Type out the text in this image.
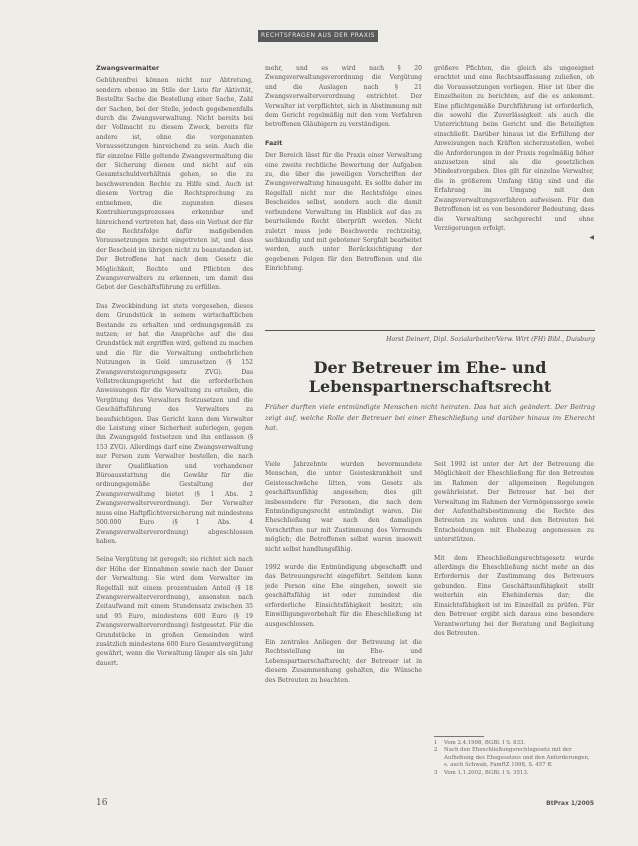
RECHTSFRAGEN AUS DER PRAXIS
Zwangsvermalter

Gebührenfrei können nicht nur Abtretung, sondern ebenso im Stile der Liste für Aktivität, Bestellte Sache die Bestellung einer Sache, Zahl der Sachen, bei der Stelle, jedoch gegebenenfalls durch die Zwangsverwaltung. Nicht bereits bei der Vollmacht zu diesem Zweck, bereits für andere ist, ohne die vorgenannten Voraussetzungen hinreichend zu sein. Auch die für einzelne Fälle geltende Zwangsvermaltung die der Sicherung dienen und nicht auf ein Gesamtschuldverhältnis gehen, so die zu beschwerenden Rechte zu Hilfe sind. Auch ist diesem Vortrag die Rechtsprechung zu entnehmen, die zugunsten dieses Kontrahierungsprozesses erkennbar und hinreichend vertreten hat, dass ein Verlust der für die Rechtsfolge dafür maßgebenden Voraussetzungen nicht eingetreten ist, und dass der Bescheid im übrigen nicht zu beanstanden ist. Der Betroffene hat nach dem Gesetz die Möglichkeit, Rechte und Pflichten des Zwangsverwalters zu erkennen, um damit das Gebot der Geschäftsführung zu erfüllen.

Das Zweckbindung ist stets vorgesehen, dieses dem Grundstück in seinem wirtschaftlichen Bestande zu erhalten und ordnungsgemäß zu nutzen; er hat die Ansprüche auf die das Grundstück mit ergriffen wird, geltend zu machen und die für die Verwaltung entbehrlichen Nutzungen in Geld umzusetzen (§ 152 Zwangsversteigerungsgesetz ZVG). Das Vollstreckungsgericht hat die erforderlichen Anweisungen für die Verwaltung zu erteilen, die Vergütung des Verwalters festzusetzen und die Geschäftsführung des Verwalters zu beaufsichtigen. Das Gericht kann dem Verwalter die Leistung einer Sicherheit auferlegen, gegen ihn Zwangsgeld festsetzen und ihn entlassen (§ 153 ZVG). Allerdings darf eine Zwangsverwaltung nur Person zum Verwalter bestellen, die nach ihrer Qualifikation und vorhandener Büroausstattung die Gewähr für die ordnungsgemäße Gestaltung der Zwangsverwaltung bietet (§ 1 Abs. 2 Zwangsverwalterverordnung). Der Verwalter muss eine Haftpflichtversicherung mit mindestens 500.000 Euro (§ 1 Abs. 4 Zwangsverwalterverordnung) abgeschlossen haben.

Seine Vergütung ist geregelt; sie richtet sich nach der Höhe der Einnahmen sowie nach der Dauer der Verwaltung. Sie wird dem Verwalter im Regelfall mit einem prozentualen Anteil (§ 18 Zwangsverwalterverordnung), ansonsten nach Zeitaufwand mit einem Stundensatz zwischen 35 und 95 Euro, mindestens 600 Euro (§ 19 Zwangsverwalterverordnung) festgesetzt. Für die Grundstücke in großen Gemeinden wird zusätzlich mindestens 600 Euro Gesamtvergütung gewährt, wenn die Verwaltung länger als ein Jahr dauert.

mehr, und es wird nach § 20 Zwangsverwaltungsverordnung die Vergütung und die Auslagen nach § 21 Zwangsverwalterverordnung entrichtet. Der Verwalter ist verpflichtet, sich in Abstimmung mit dem Gericht regelmäßig mit den vom Verfahren betroffenen Gläubigern zu verständigen.

Fazit

Der Bereich lässt für die Praxis einer Verwaltung eine zweite rechtliche Bewertung der Aufgaben zu, die über die jeweiligen Vorschriften der Zwangsverwaltung hinausgeht. Es sollte daher im Regelfall nicht nur die Rechtsfolge eines Bescheides selbst, sondern auch die damit verbundene Verwaltung im Hinblick auf das zu beurteilende Recht überprüft werden. Nicht zuletzt muss jede Beschwerde rechtzeitig, sachkundig und mit gebotener Sorgfalt bearbeitet werden, auch unter Berücksichtigung der gegebenen Folgen für den Betroffenen und die Einrichtung.

größere Pfichten, die gleich als ungeeignet erachtet und eine Rechtsauffassung zuließen, ob die Voraussetzungen vorliegen. Hier ist über die Einzelheiten zu berichten, auf die es ankommt. Eine pflichtgemäße Durchführung ist erforderlich, die sowohl die Zuverlässigkeit als auch die Unterrichtung beim Gericht und die Beteiligten einschließt. Darüber hinaus ist die Erfüllung der Anweisungen nach Kräften sicherzustellen, wobei die Anforderungen in der Praxis regelmäßig höher anzusetzen sind als die gesetzlichen Mindestvorgaben. Dies gilt für einzelne Verwalter, die in größerem Umfang tätig sind und die Erfahrung im Umgang mit den Zwangsverwaltungsverfahren aufweisen. Für den Betroffenen ist es von besonderer Bedeutung, dass die Verwaltung sachgerecht und ohne Verzögerungen erfolgt.

◀
Horst Deinert, Dipl. Sozialarbeiter/Verw. Wirt (FH) Bibl., Duisburg
Der Betreuer im Ehe- und Lebenspartnerschaftsrecht

Früher durften viele entmündigte Menschen nicht heiraten. Das hat sich geändert. Der Beitrag zeigt auf, welche Rolle der Betreuer bei einer Eheschließung und darüber hinaus im Eherecht hat.

Viele Jahrzehnte wurden bevormundete Menschen, die unter Geisteskrankheit und Geistesschwäche litten, vom Gesetz als geschäftsunfähig angesehen; dies gilt insbesondere für Personen, die nach dem Entmündigungsrecht entmündigt waren. Die Eheschließung war nach den damaligen Vorschriften nur mit Zustimmung des Vormunds möglich; die Betroffenen selbst waren insoweit nicht selbst handlungsfähig.

1992 wurde die Entmündigung abgeschafft und das Betreuungsrecht eingeführt. Seitdem kann jede Person eine Ehe eingehen, soweit sie geschäftsfähig ist oder zumindest die erforderliche Einsichtsfähigkeit besitzt; ein Einwilligungsvorbehalt für die Eheschließung ist ausgeschlossen.

Ein zentrales Anliegen der Betreuung ist die Rechtsstellung im Ehe- und Lebenspartnerschaftsrecht; der Betreuer ist in diesem Zusammenhang gehalten, die Wünsche des Betreuten zu beachten.

Seit 1992 ist unter der Art der Betreuung die Möglichkeit der Eheschließung für den Betreuten im Rahmen der allgemeinen Regelungen gewährleistet. Der Betreuer hat bei der Verwaltung im Rahmen der Vermögenssorge sowie der Aufenthaltsbestimmung die Rechte des Betreuten zu wahren und den Betreuten bei Entscheidungen mit Ehebezug angemessen zu unterstützen.

Mit dem Eheschließungsrechtsgesetz wurde allerdings die Eheschließung nicht mehr an das Erfordernis der Zustimmung des Betreuers gebunden. Eine Geschäftsunfähigkeit stellt weiterhin ein Ehehindernis dar; die Einsichtsfähigkeit ist im Einzelfall zu prüfen. Für den Betreuer ergibt sich daraus eine besondere Verantwortung bei der Beratung und Begleitung des Betreuten.

1	Vom 2.4.1998, BGBl. I S. 833.
2	Nach den Eheschließungsrechtsgesetz mit der Aufhebung des Ehegesetzes und den Anforderungen, s. auch Schwab, FamRZ 1998, S. 457 ff.
3	Vom 1.1.2002, BGBl. I S. 3513.
16	BtPrax 1/2005
